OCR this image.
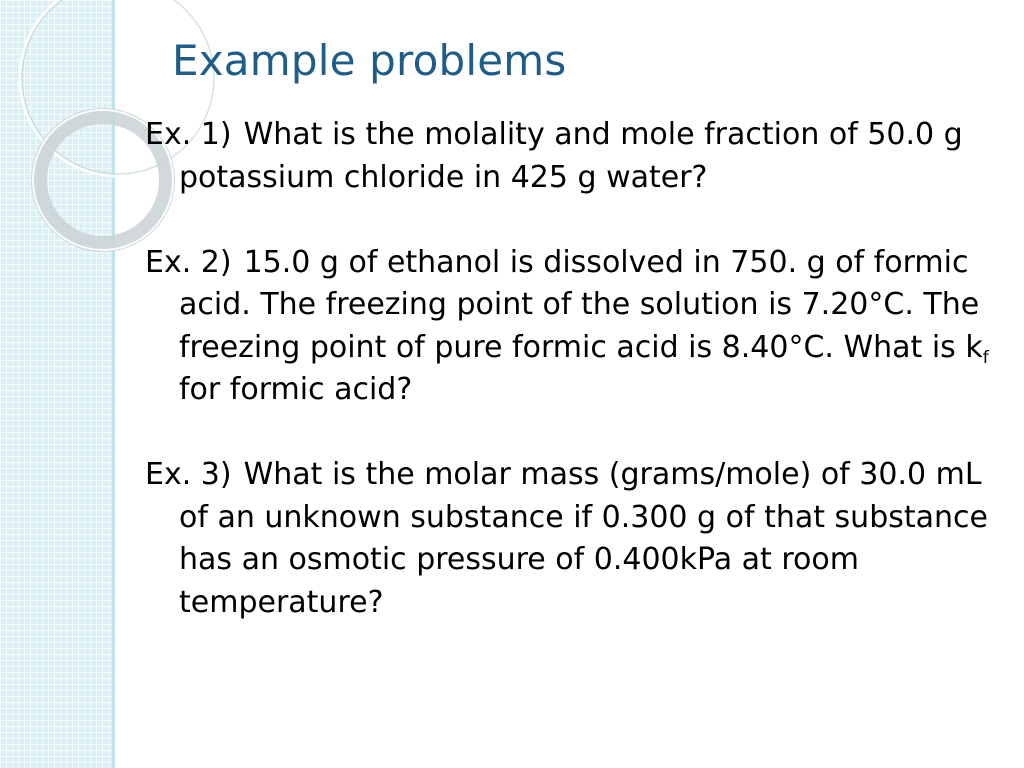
Example problems

Ex. 1) What is the molality and mole fraction of 50.0 g potassium chloride in 425 g water?

Ex. 2) 15.0 g of ethanol is dissolved in 750. g of formic acid. The freezing point of the solution is 7.20°C. The freezing point of pure formic acid is 8.40°C. What is $k_f$ for formic acid?

Ex. 3) What is the molar mass (grams/mole) of 30.0 mL of an unknown substance if 0.300 g of that substance has an osmotic pressure of 0.400kPa at room temperature?
